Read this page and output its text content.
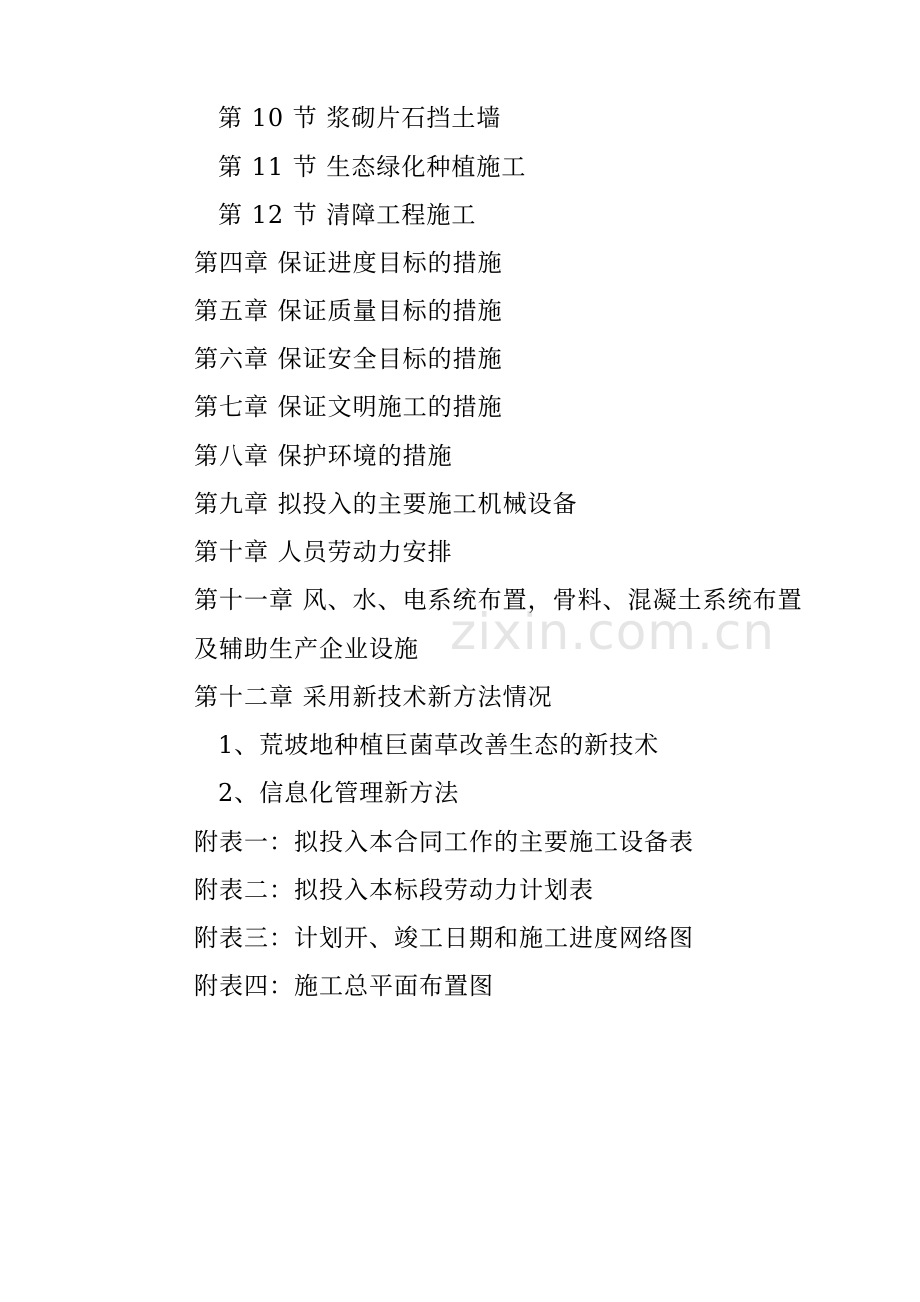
第 10 节 浆砌片石挡土墙
第 11 节 生态绿化种植施工
第 12 节 清障工程施工
第四章 保证进度目标的措施
第五章 保证质量目标的措施
第六章 保证安全目标的措施
第七章 保证文明施工的措施
第八章 保护环境的措施
第九章 拟投入的主要施工机械设备
第十章 人员劳动力安排
第十一章 风、水、电系统布置，骨料、混凝土系统布置
及辅助生产企业设施
第十二章 采用新技术新方法情况
1、荒坡地种植巨菌草改善生态的新技术
2、信息化管理新方法
附表一：拟投入本合同工作的主要施工设备表
附表二：拟投入本标段劳动力计划表
附表三：计划开、竣工日期和施工进度网络图
附表四：施工总平面布置图
zixin.com.cn
